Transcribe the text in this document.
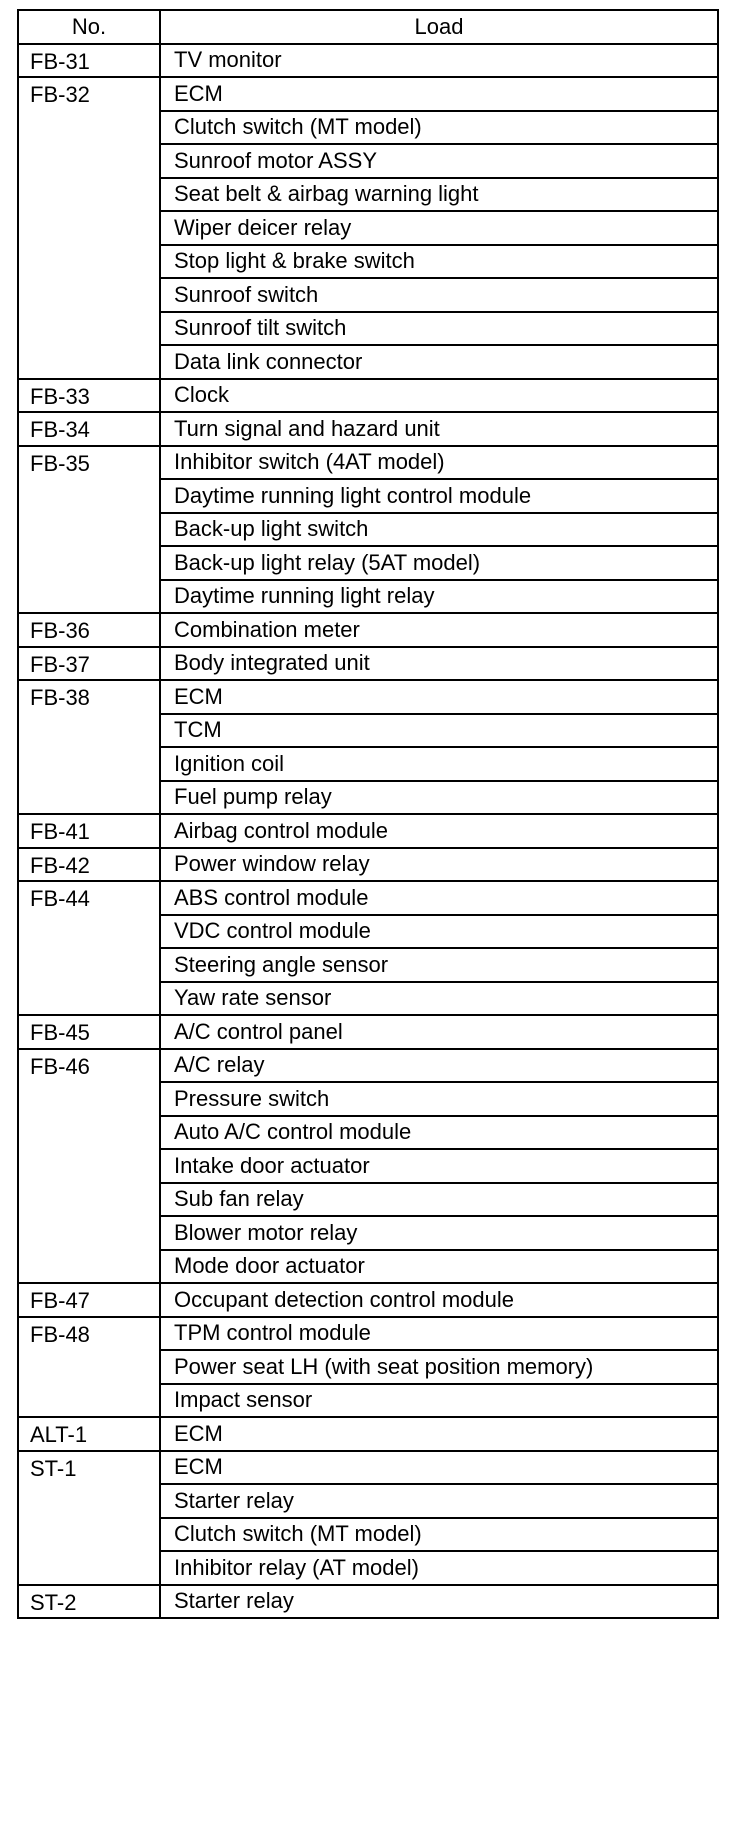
No.	Load
FB-31	TV monitor
FB-32	ECM
	Clutch switch (MT model)
	Sunroof motor ASSY
	Seat belt & airbag warning light
	Wiper deicer relay
	Stop light & brake switch
	Sunroof switch
	Sunroof tilt switch
	Data link connector
FB-33	Clock
FB-34	Turn signal and hazard unit
FB-35	Inhibitor switch (4AT model)
	Daytime running light control module
	Back-up light switch
	Back-up light relay (5AT model)
	Daytime running light relay
FB-36	Combination meter
FB-37	Body integrated unit
FB-38	ECM
	TCM
	Ignition coil
	Fuel pump relay
FB-41	Airbag control module
FB-42	Power window relay
FB-44	ABS control module
	VDC control module
	Steering angle sensor
	Yaw rate sensor
FB-45	A/C control panel
FB-46	A/C relay
	Pressure switch
	Auto A/C control module
	Intake door actuator
	Sub fan relay
	Blower motor relay
	Mode door actuator
FB-47	Occupant detection control module
FB-48	TPM control module
	Power seat LH (with seat position memory)
	Impact sensor
ALT-1	ECM
ST-1	ECM
	Starter relay
	Clutch switch (MT model)
	Inhibitor relay (AT model)
ST-2	Starter relay
